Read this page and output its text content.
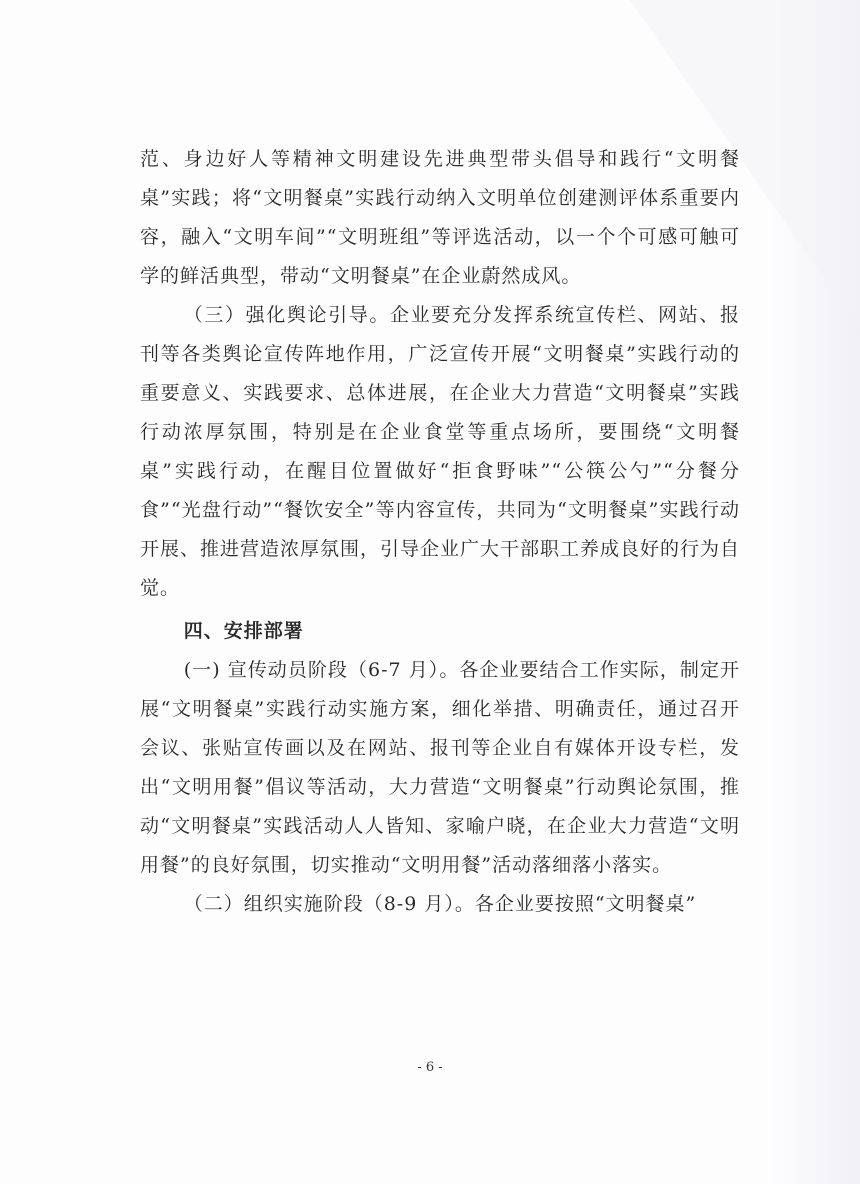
范、身边好人等精神文明建设先进典型带头倡导和践行“文明餐桌”实践；将“文明餐桌”实践行动纳入文明单位创建测评体系重要内容，融入“文明车间”“文明班组”等评选活动，以一个个可感可触可学的鲜活典型，带动“文明餐桌”在企业蔚然成风。

（三）强化舆论引导。企业要充分发挥系统宣传栏、网站、报刊等各类舆论宣传阵地作用，广泛宣传开展“文明餐桌”实践行动的重要意义、实践要求、总体进展，在企业大力营造“文明餐桌”实践行动浓厚氛围，特别是在企业食堂等重点场所，要围绕“文明餐桌”实践行动，在醒目位置做好“拒食野味”“公筷公勺”“分餐分食”“光盘行动”“餐饮安全”等内容宣传，共同为“文明餐桌”实践行动开展、推进营造浓厚氛围，引导企业广大干部职工养成良好的行为自觉。

四、安排部署

(一) 宣传动员阶段（6-7 月）。各企业要结合工作实际，制定开展“文明餐桌”实践行动实施方案，细化举措、明确责任，通过召开会议、张贴宣传画以及在网站、报刊等企业自有媒体开设专栏，发出“文明用餐”倡议等活动，大力营造“文明餐桌”行动舆论氛围，推动“文明餐桌”实践活动人人皆知、家喻户晓，在企业大力营造“文明用餐”的良好氛围，切实推动“文明用餐”活动落细落小落实。

（二）组织实施阶段（8-9 月）。各企业要按照“文明餐桌”

- 6 -
